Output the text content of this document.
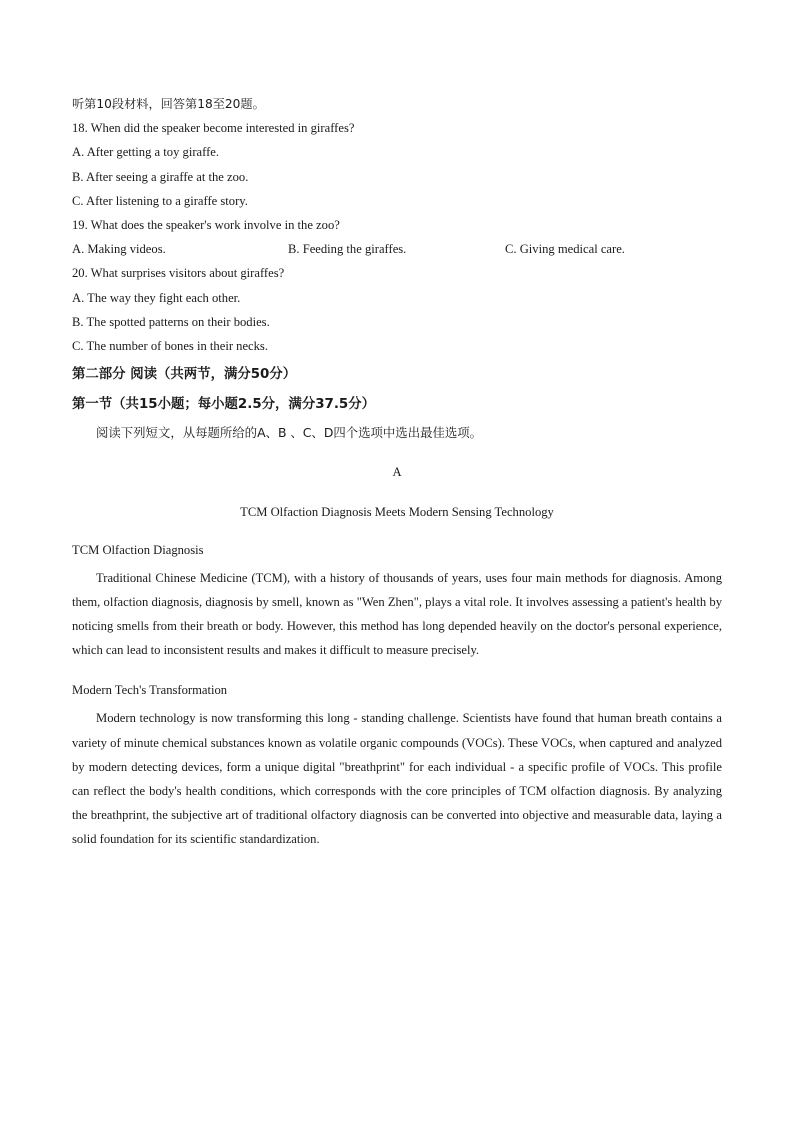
听第10段材料，回答第18至20题。
18. When did the speaker become interested in giraffes?
A. After getting a toy giraffe.
B. After seeing a giraffe at the zoo.
C. After listening to a giraffe story.
19. What does the speaker's work involve in the zoo?
A. Making videos.	B. Feeding the giraffes.	C. Giving medical care.
20. What surprises visitors about giraffes?
A. The way they fight each other.
B. The spotted patterns on their bodies.
C. The number of bones in their necks.
第二部分 阅读（共两节，满分50分）
第一节（共15小题；每小题2.5分，满分37.5分）
阅读下列短文，从每题所给的A、B 、C、D四个选项中选出最佳选项。
A
TCM Olfaction Diagnosis Meets Modern Sensing Technology
TCM Olfaction Diagnosis

Traditional Chinese Medicine (TCM), with a history of thousands of years, uses four main methods for diagnosis. Among them, olfaction diagnosis, diagnosis by smell, known as "Wen Zhen", plays a vital role. It involves assessing a patient's health by noticing smells from their breath or body. However, this method has long depended heavily on the doctor's personal experience, which can lead to inconsistent results and makes it difficult to measure precisely.

Modern Tech's Transformation

Modern technology is now transforming this long - standing challenge. Scientists have found that human breath contains a variety of minute chemical substances known as volatile organic compounds (VOCs). These VOCs, when captured and analyzed by modern detecting devices, form a unique digital "breathprint" for each individual - a specific profile of VOCs. This profile can reflect the body's health conditions, which corresponds with the core principles of TCM olfaction diagnosis. By analyzing the breathprint, the subjective art of traditional olfactory diagnosis can be converted into objective and measurable data, laying a solid foundation for its scientific standardization.
